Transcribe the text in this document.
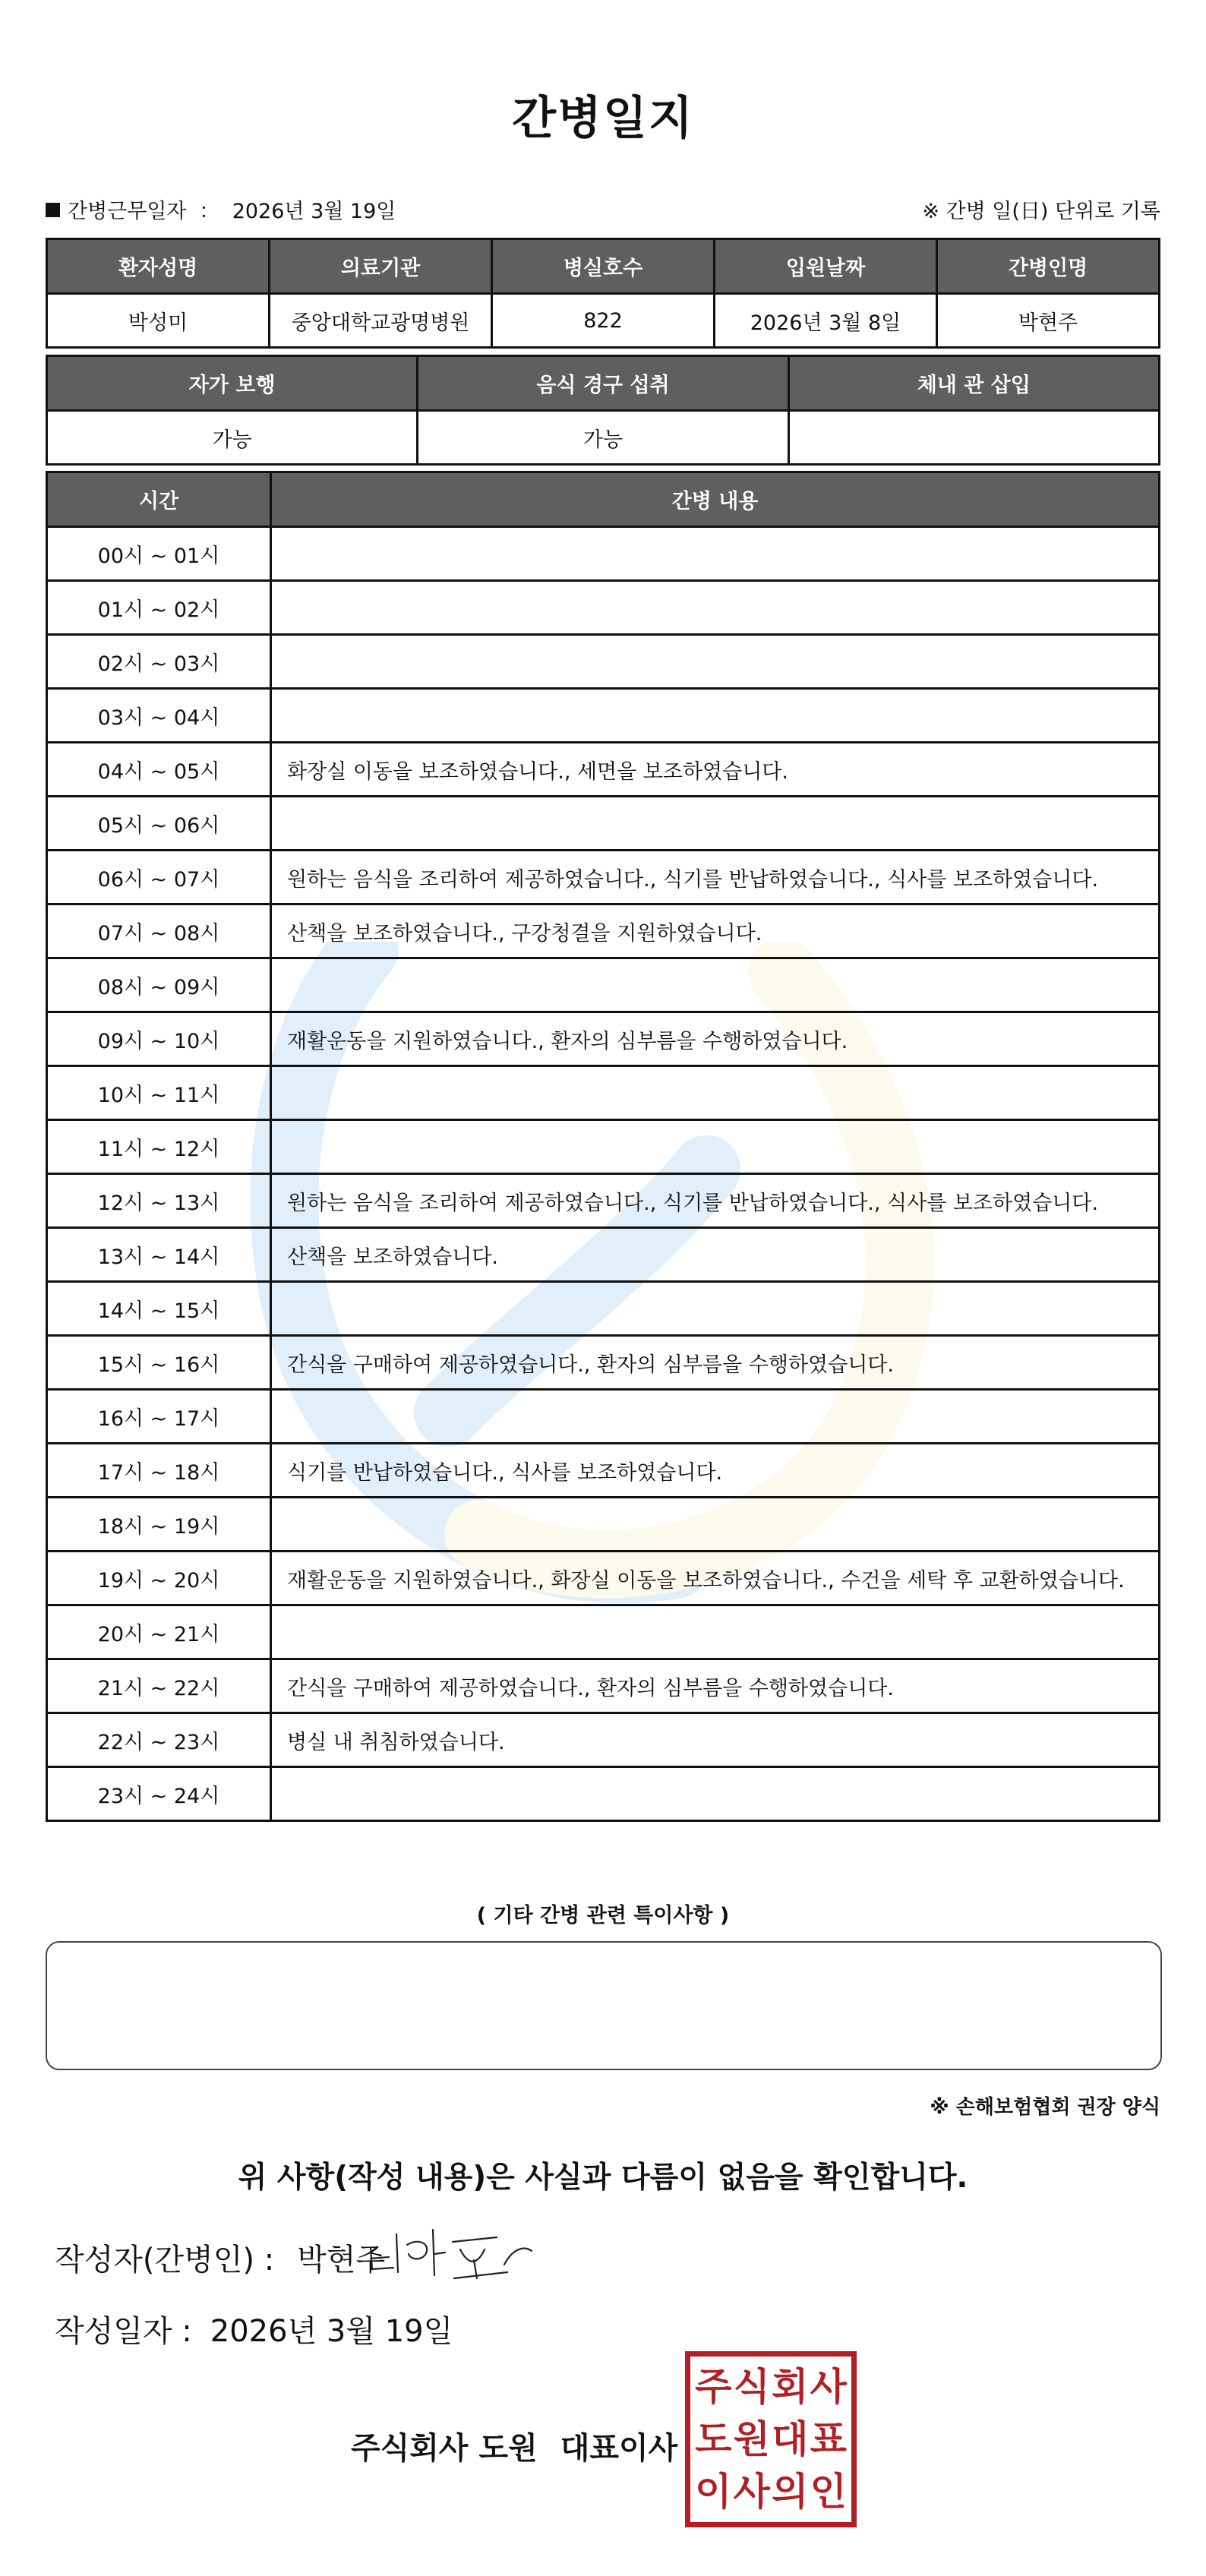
간병일지
간병근무일자 ： 2026년 3월 19일	※ 간병 일(日) 단위로 기록
환자성명	의료기관	병실호수	입원날짜	간병인명
박성미	중앙대학교광명병원	822	2026년 3월 8일	박현주
자가 보행	음식 경구 섭취	체내 관 삽입
가능	가능	
시간	간병 내용
00시 ~ 01시	
01시 ~ 02시	
02시 ~ 03시	
03시 ~ 04시	
04시 ~ 05시	화장실 이동을 보조하였습니다., 세면을 보조하였습니다.
05시 ~ 06시	
06시 ~ 07시	원하는 음식을 조리하여 제공하였습니다., 식기를 반납하였습니다., 식사를 보조하였습니다.
07시 ~ 08시	산책을 보조하였습니다., 구강청결을 지원하였습니다.
08시 ~ 09시	
09시 ~ 10시	재활운동을 지원하였습니다., 환자의 심부름을 수행하였습니다.
10시 ~ 11시	
11시 ~ 12시	
12시 ~ 13시	원하는 음식을 조리하여 제공하였습니다., 식기를 반납하였습니다., 식사를 보조하였습니다.
13시 ~ 14시	산책을 보조하였습니다.
14시 ~ 15시	
15시 ~ 16시	간식을 구매하여 제공하였습니다., 환자의 심부름을 수행하였습니다.
16시 ~ 17시	
17시 ~ 18시	식기를 반납하였습니다., 식사를 보조하였습니다.
18시 ~ 19시	
19시 ~ 20시	재활운동을 지원하였습니다., 화장실 이동을 보조하였습니다., 수건을 세탁 후 교환하였습니다.
20시 ~ 21시	
21시 ~ 22시	간식을 구매하여 제공하였습니다., 환자의 심부름을 수행하였습니다.
22시 ~ 23시	병실 내 취침하였습니다.
23시 ~ 24시	
( 기타 간병 관련 특이사항 )
※ 손해보험협회 권장 양식
위 사항(작성 내용)은 사실과 다름이 없음을 확인합니다.
작성자(간병인) : 박현주
작성일자 : 2026년 3월 19일
주식회사 도원 대표이사
주 식 회 사
도 원 대 표
이 사 의 인
